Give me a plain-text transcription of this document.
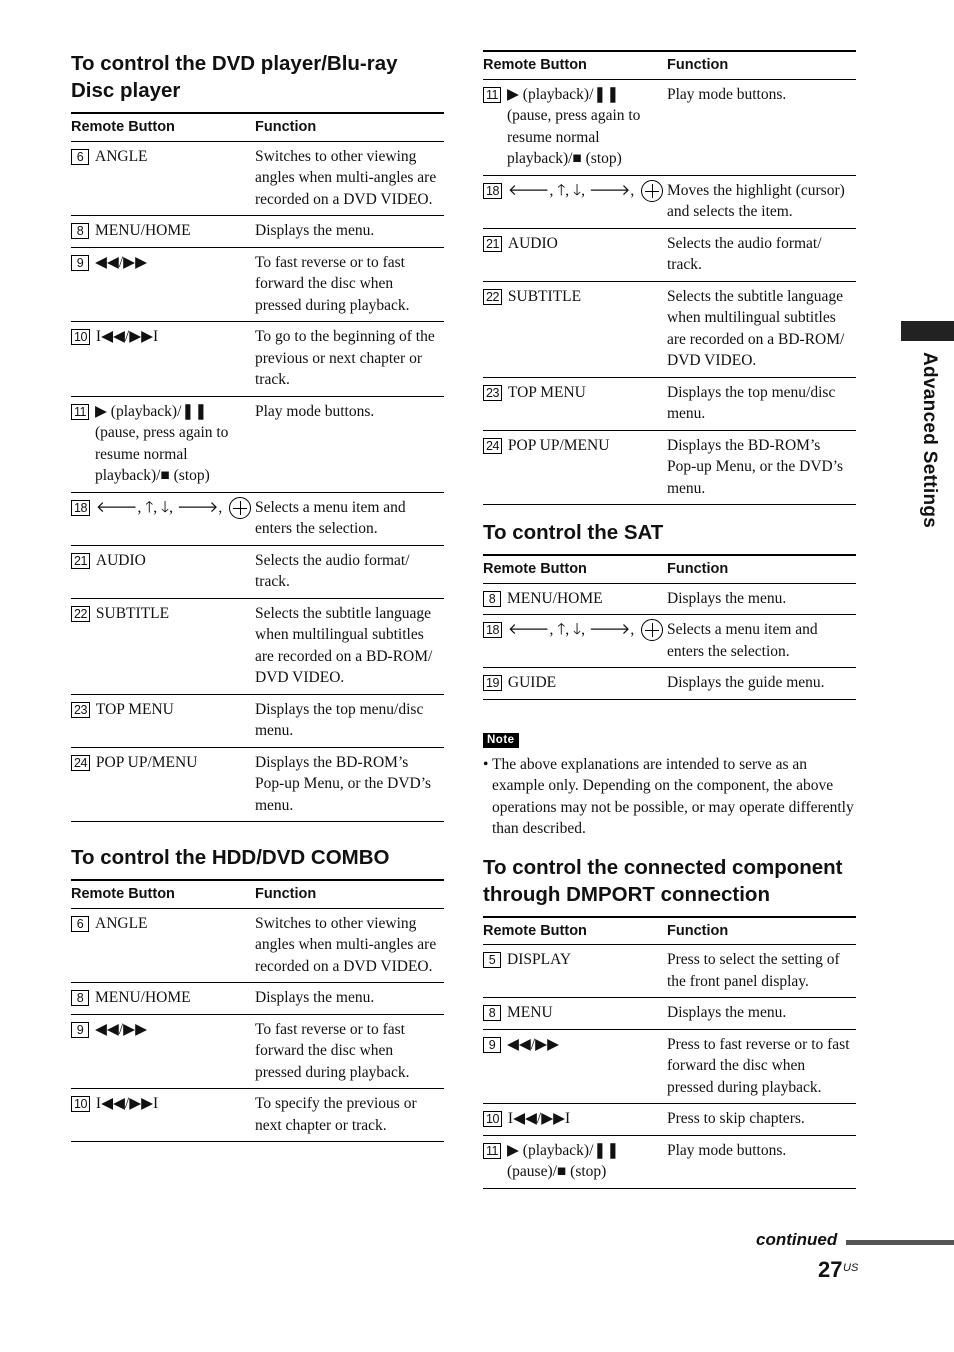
To control the DVD player/Blu-ray Disc player
Remote Button	Function

6 ANGLE	Switches to other viewing angles when multi-angles are recorded on a DVD VIDEO.

8 MENU/HOME	Displays the menu.

9 ◀◀/▶▶	To fast reverse or to fast forward the disc when pressed during playback.

10 I◀◀/▶▶I	To go to the beginning of the previous or next chapter or track.

11 ▶ (playback)/❚❚ (pause, press again to resume normal playback)/■ (stop)	Play mode buttons.

18 🡐, 🡑, 🡓, 🡒,	Selects a menu item and enters the selection.

21 AUDIO	Selects the audio format/ track.

22 SUBTITLE	Selects the subtitle language when multilingual subtitles are recorded on a BD-ROM/ DVD VIDEO.

23 TOP MENU	Displays the top menu/disc menu.

24 POP UP/MENU	Displays the BD-ROM’s Pop-up Menu, or the DVD’s menu.
To control the HDD/DVD COMBO
Remote Button	Function

6 ANGLE	Switches to other viewing angles when multi-angles are recorded on a DVD VIDEO.

8 MENU/HOME	Displays the menu.

9 ◀◀/▶▶	To fast reverse or to fast forward the disc when pressed during playback.

10 I◀◀/▶▶I	To specify the previous or next chapter or track.
Remote Button	Function

11 ▶ (playback)/❚❚ (pause, press again to resume normal playback)/■ (stop)	Play mode buttons.

18 🡐, 🡑, 🡓, 🡒,	Moves the highlight (cursor) and selects the item.

21 AUDIO	Selects the audio format/ track.

22 SUBTITLE	Selects the subtitle language when multilingual subtitles are recorded on a BD-ROM/ DVD VIDEO.

23 TOP MENU	Displays the top menu/disc menu.

24 POP UP/MENU	Displays the BD-ROM’s Pop-up Menu, or the DVD’s menu.
To control the SAT
Remote Button	Function

8 MENU/HOME	Displays the menu.

18 🡐, 🡑, 🡓, 🡒,	Selects a menu item and enters the selection.

19 GUIDE	Displays the guide menu.
Note
• The above explanations are intended to serve as an example only. Depending on the component, the above operations may not be possible, or may operate differently than described.
To control the connected component through DMPORT connection
Remote Button	Function

5 DISPLAY	Press to select the setting of the front panel display.

8 MENU	Displays the menu.

9 ◀◀/▶▶	Press to fast reverse or to fast forward the disc when pressed during playback.

10 I◀◀/▶▶I	Press to skip chapters.

11 ▶ (playback)/❚❚ (pause)/■ (stop)	Play mode buttons.
Advanced Settings
continued
27 US
